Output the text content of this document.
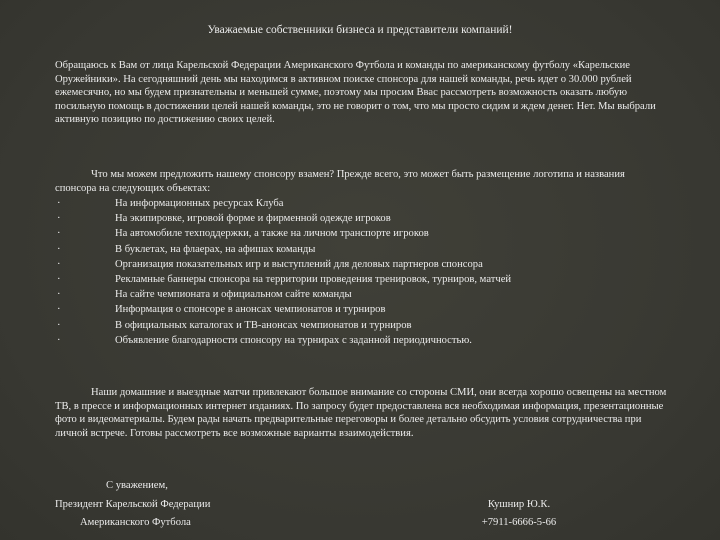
Уважаемые собственники бизнеса и представители компаний!
Обращаюсь к Вам от лица Карельской Федерации Американского Футбола и команды по американскому футболу «Карельские Оружейники». На сегодняшний день мы находимся в активном поиске спонсора для нашей команды, речь идет о 30.000 рублей ежемесячно, но мы будем признательны и меньшей сумме, поэтому мы просим Ввас рассмотреть возможность оказать любую посильную помощь в достижении целей нашей команды, это не говорит о том, что мы просто сидим и ждем денег. Нет. Мы выбрали активную позицию по достижению своих целей.
Что мы можем предложить нашему спонсору взамен? Прежде всего, это может быть размещение логотипа и названия спонсора на следующих объектах:
·	На информационных ресурсах Клуба
·	На экипировке, игровой форме и фирменной одежде игроков
·	На автомобиле техподдержки, а также на личном транспорте игроков
·	В буклетах, на флаерах, на афишах команды
·	Организация показательных игр и выступлений для деловых партнеров спонсора
·	Рекламные баннеры спонсора на территории проведения тренировок, турниров, матчей
·	На сайте чемпионата и официальном сайте команды
·	Информация о спонсоре в анонсах чемпионатов и турниров
·	В официальных каталогах и ТВ-анонсах чемпионатов и турниров
·	Объявление благодарности спонсору на турнирах с заданной периодичностью.
Наши домашние и выездные матчи привлекают большое внимание со стороны СМИ, они всегда хорошо освещены на местном ТВ, в прессе и информационных интернет изданиях. По запросу будет предоставлена вся необходимая информация, презентационные фото и видеоматериалы. Будем рады начать предварительные переговоры и более детально обсудить условия сотрудничества при личной встрече. Готовы рассмотреть все возможные варианты взаимодействия.
С уважением,
Президент Карельской Федерации
Американского Футбола
Кушнир Ю.К.
+7911-6666-5-66
